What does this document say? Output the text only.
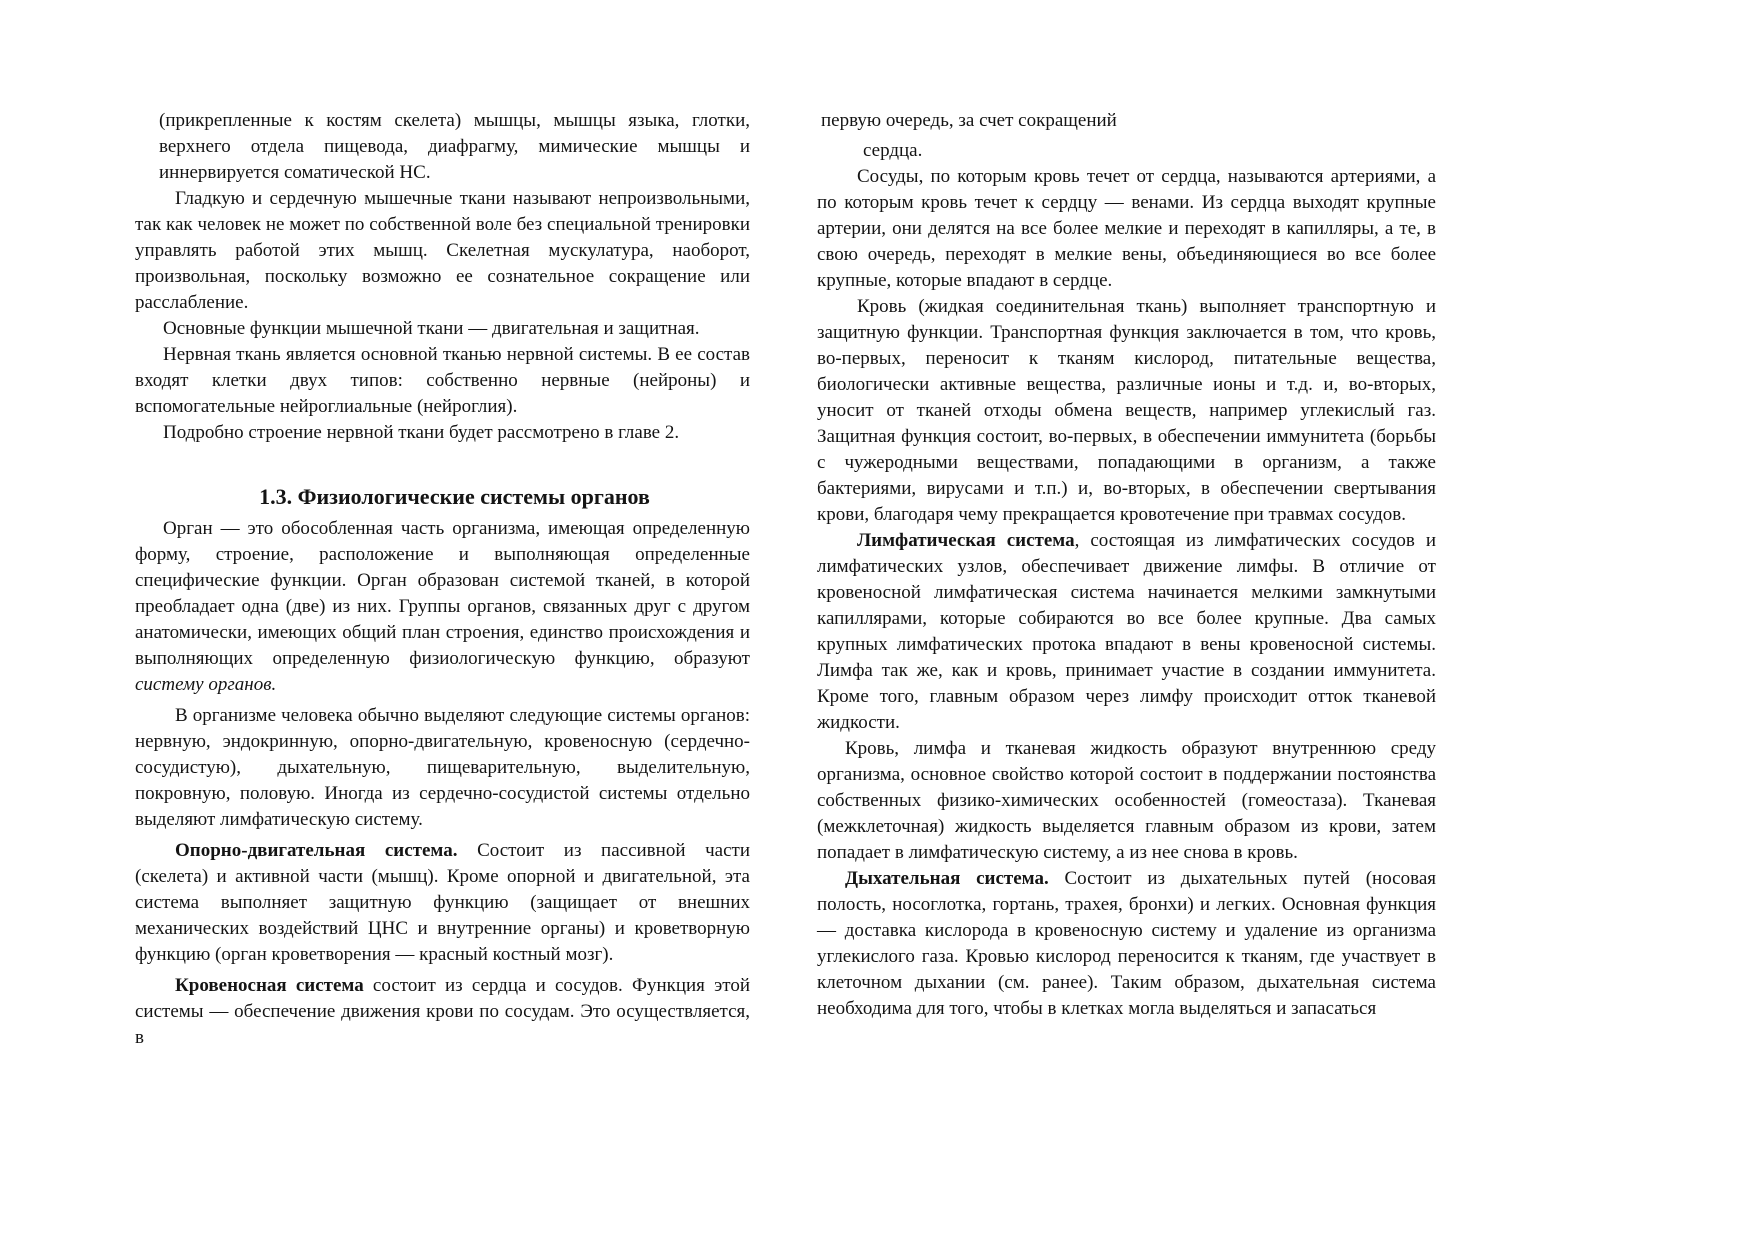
(прикрепленные к костям скелета) мышцы, мышцы языка, глотки, верхнего отдела пищевода, диафрагму, мимические мышцы и иннервируется соматической НС.

Гладкую и сердечную мышечные ткани называют непроизвольными, так как человек не может по собственной воле без специальной тренировки управлять работой этих мышц. Скелетная мускулатура, наоборот, произвольная, поскольку возможно ее сознательное сокращение или расслабление.

Основные функции мышечной ткани — двигательная и защитная.

Нервная ткань является основной тканью нервной системы. В ее состав входят клетки двух типов: собственно нервные (нейроны) и вспомогательные нейроглиальные (нейроглия).

Подробно строение нервной ткани будет рассмотрено в главе 2.

1.3. Физиологические системы органов

Орган — это обособленная часть организма, имеющая определенную форму, строение, расположение и выполняющая определенные специфические функции. Орган образован системой тканей, в которой преобладает одна (две) из них. Группы органов, связанных друг с другом анатомически, имеющих общий план строения, единство происхождения и выполняющих определенную физиологическую функцию, образуют систему органов.

В организме человека обычно выделяют следующие системы органов: нервную, эндокринную, опорно-двигательную, кровеносную (сердечно-сосудистую), дыхательную, пищеварительную, выделительную, покровную, половую. Иногда из сердечно-сосудистой системы отдельно выделяют лимфатическую систему.

Опорно-двигательная система. Состоит из пассивной части (скелета) и активной части (мышц). Кроме опорной и двигательной, эта система выполняет защитную функцию (защищает от внешних механических воздействий ЦНС и внутренние органы) и кроветворную функцию (орган кроветворения — красный костный мозг).

Кровеносная система состоит из сердца и сосудов. Функция этой системы — обеспечение движения крови по сосудам. Это осуществляется, в

первую очередь, за счет сокращений

сердца.

Сосуды, по которым кровь течет от сердца, называются артериями, а по которым кровь течет к сердцу — венами. Из сердца выходят крупные артерии, они делятся на все более мелкие и переходят в капилляры, а те, в свою очередь, переходят в мелкие вены, объединяющиеся во все более крупные, которые впадают в сердце.

Кровь (жидкая соединительная ткань) выполняет транспортную и защитную функции. Транспортная функция заключается в том, что кровь, во-первых, переносит к тканям кислород, питательные вещества, биологически активные вещества, различные ионы и т.д. и, во-вторых, уносит от тканей отходы обмена веществ, например углекислый газ. Защитная функция состоит, во-первых, в обеспечении иммунитета (борьбы с чужеродными веществами, попадающими в организм, а также бактериями, вирусами и т.п.) и, во-вторых, в обеспечении свертывания крови, благодаря чему прекращается кровотечение при травмах сосудов.

Лимфатическая система, состоящая из лимфатических сосудов и лимфатических узлов, обеспечивает движение лимфы. В отличие от кровеносной лимфатическая система начинается мелкими замкнутыми капиллярами, которые собираются во все более крупные. Два самых крупных лимфатических протока впадают в вены кровеносной системы. Лимфа так же, как и кровь, принимает участие в создании иммунитета. Кроме того, главным образом через лимфу происходит отток тканевой жидкости.

Кровь, лимфа и тканевая жидкость образуют внутреннюю среду организма, основное свойство которой состоит в поддержании постоянства собственных физико-химических особенностей (гомеостаза). Тканевая (межклеточная) жидкость выделяется главным образом из крови, затем попадает в лимфатическую систему, а из нее снова в кровь.

Дыхательная система. Состоит из дыхательных путей (носовая полость, носоглотка, гортань, трахея, бронхи) и легких. Основная функция — доставка кислорода в кровеносную систему и удаление из организма углекислого газа. Кровью кислород переносится к тканям, где участвует в клеточном дыхании (см. ранее). Таким образом, дыхательная система необходима для того, чтобы в клетках могла выделяться и запасаться
